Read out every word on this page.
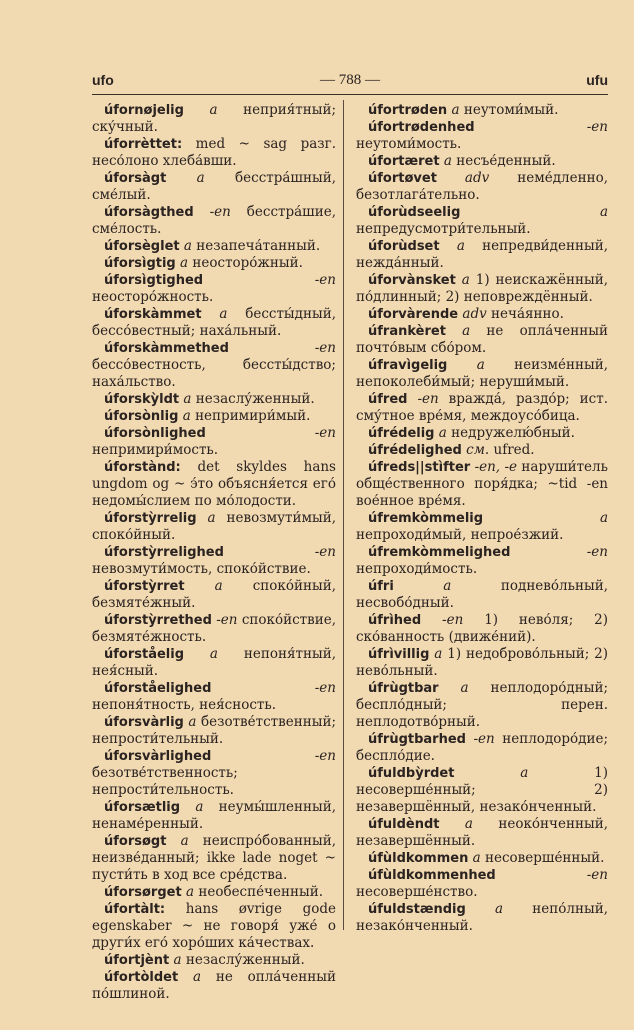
ufo	— 788 —	ufu
úfornøjelig a неприя́тный; ску́чный.
úforrèttet: med ~ sag разг. несо́лоно хлеба́вши.
úforsàgt a бесстра́шный, сме́лый.
úforsàgthed -en бесстра́шие, сме́лость.
úforsèglet a незапеча́танный.
úforsìgtig a неосторо́жный.
úforsìgtighed	-en неосторо́жность.
úforskàmmet a бессты́дный, бессо́вестный; наха́льный.
úforskàmmethed	-en бессо́вестность, бессты́дство; наха́льство.
úforskỳldt a незаслу́женный.
úforsònlig a непримири́мый.
úforsònlighed	-en непримири́мость.
úforstànd: det skyldes hans ungdom og ~ э́то объясня́ется его́ недомы́слием по мо́лодости.
úforstỳrrelig a невозмути́мый, споко́йный.
úforstỳrrelighed	-en невозмути́мость, споко́йствие.
úforstỳrret a споко́йный, безмяте́жный.
úforstỳrrethed -en споко́йствие, безмяте́жность.
úforståelig a непоня́тный, нея́сный.
úforståelighed	-en непоня́тность, нея́сность.
úforsvàrlig a безотве́тственный; непрости́тельный.
úforsvàrlighed	-en безотве́тственность; непрости́тельность.
úforsætlig a неумы́шленный, ненаме́ренный.
úforsøgt a неиспро́бованный, неизве́данный; ikke lade noget ~ пусти́ть в ход все сре́дства.
úforsørget a необеспе́ченный.
úfortàlt: hans øvrige gode egenskaber ~ не говоря́ уже́ о други́х его́ хоро́ших ка́чествах.
úfortjènt a незаслу́женный.
úfortòldet a не опла́ченный по́шлиной.
úfortrøden a неутоми́мый.
úfortrødenhed	-en неутоми́мость.
úfortæret a несъе́денный.
úfortøvet adv неме́дленно, безотлага́тельно.
úforùdseelig	a непредусмотри́тельный.
úforùdset a непредви́денный, нежда́нный.
úforvànsket a 1) неискажённый, по́длинный; 2) неповреждённый.
úforvàrende adv неча́янно.
úfrankèret a не опла́ченный почто́вым сбо́ром.
úfravìgelig a неизме́нный, непоколеби́мый; неруши́мый.
úfred -en вражда́, раздо́р; ист. сму́тное вре́мя, междоусо́бица.
úfrédelig a недружелю́бный.
úfrédelighed см. ufred.
úfreds||stìfter -en, -e наруши́тель обще́ственного поря́дка; ~tid -en вое́нное вре́мя.
úfremkòmmelig	a непроходи́мый, непрое́зжий.
úfremkòmmelighed	-en непроходи́мость.
úfri	a	поднево́льный, несвобо́дный.
úfrìhed -en 1) нево́ля; 2) ско́ванность (движе́ний).
úfrìvillig a 1) недоброво́льный; 2) нево́льный.
úfrùgtbar a неплодоро́дный; беспло́дный; перен. неплодотво́рный.
úfrùgtbarhed -en неплодоро́дие; беспло́дие.
úfuldbỳrdet	a	1) несоверше́нный; 2) незавершённый, незако́нченный.
úfuldèndt a неоко́нченный, незавершённый.
úfùldkommen a несоверше́нный.
úfùldkommenhed	-en несоверше́нство.
úfuldstændig a непо́лный, незако́нченный.
